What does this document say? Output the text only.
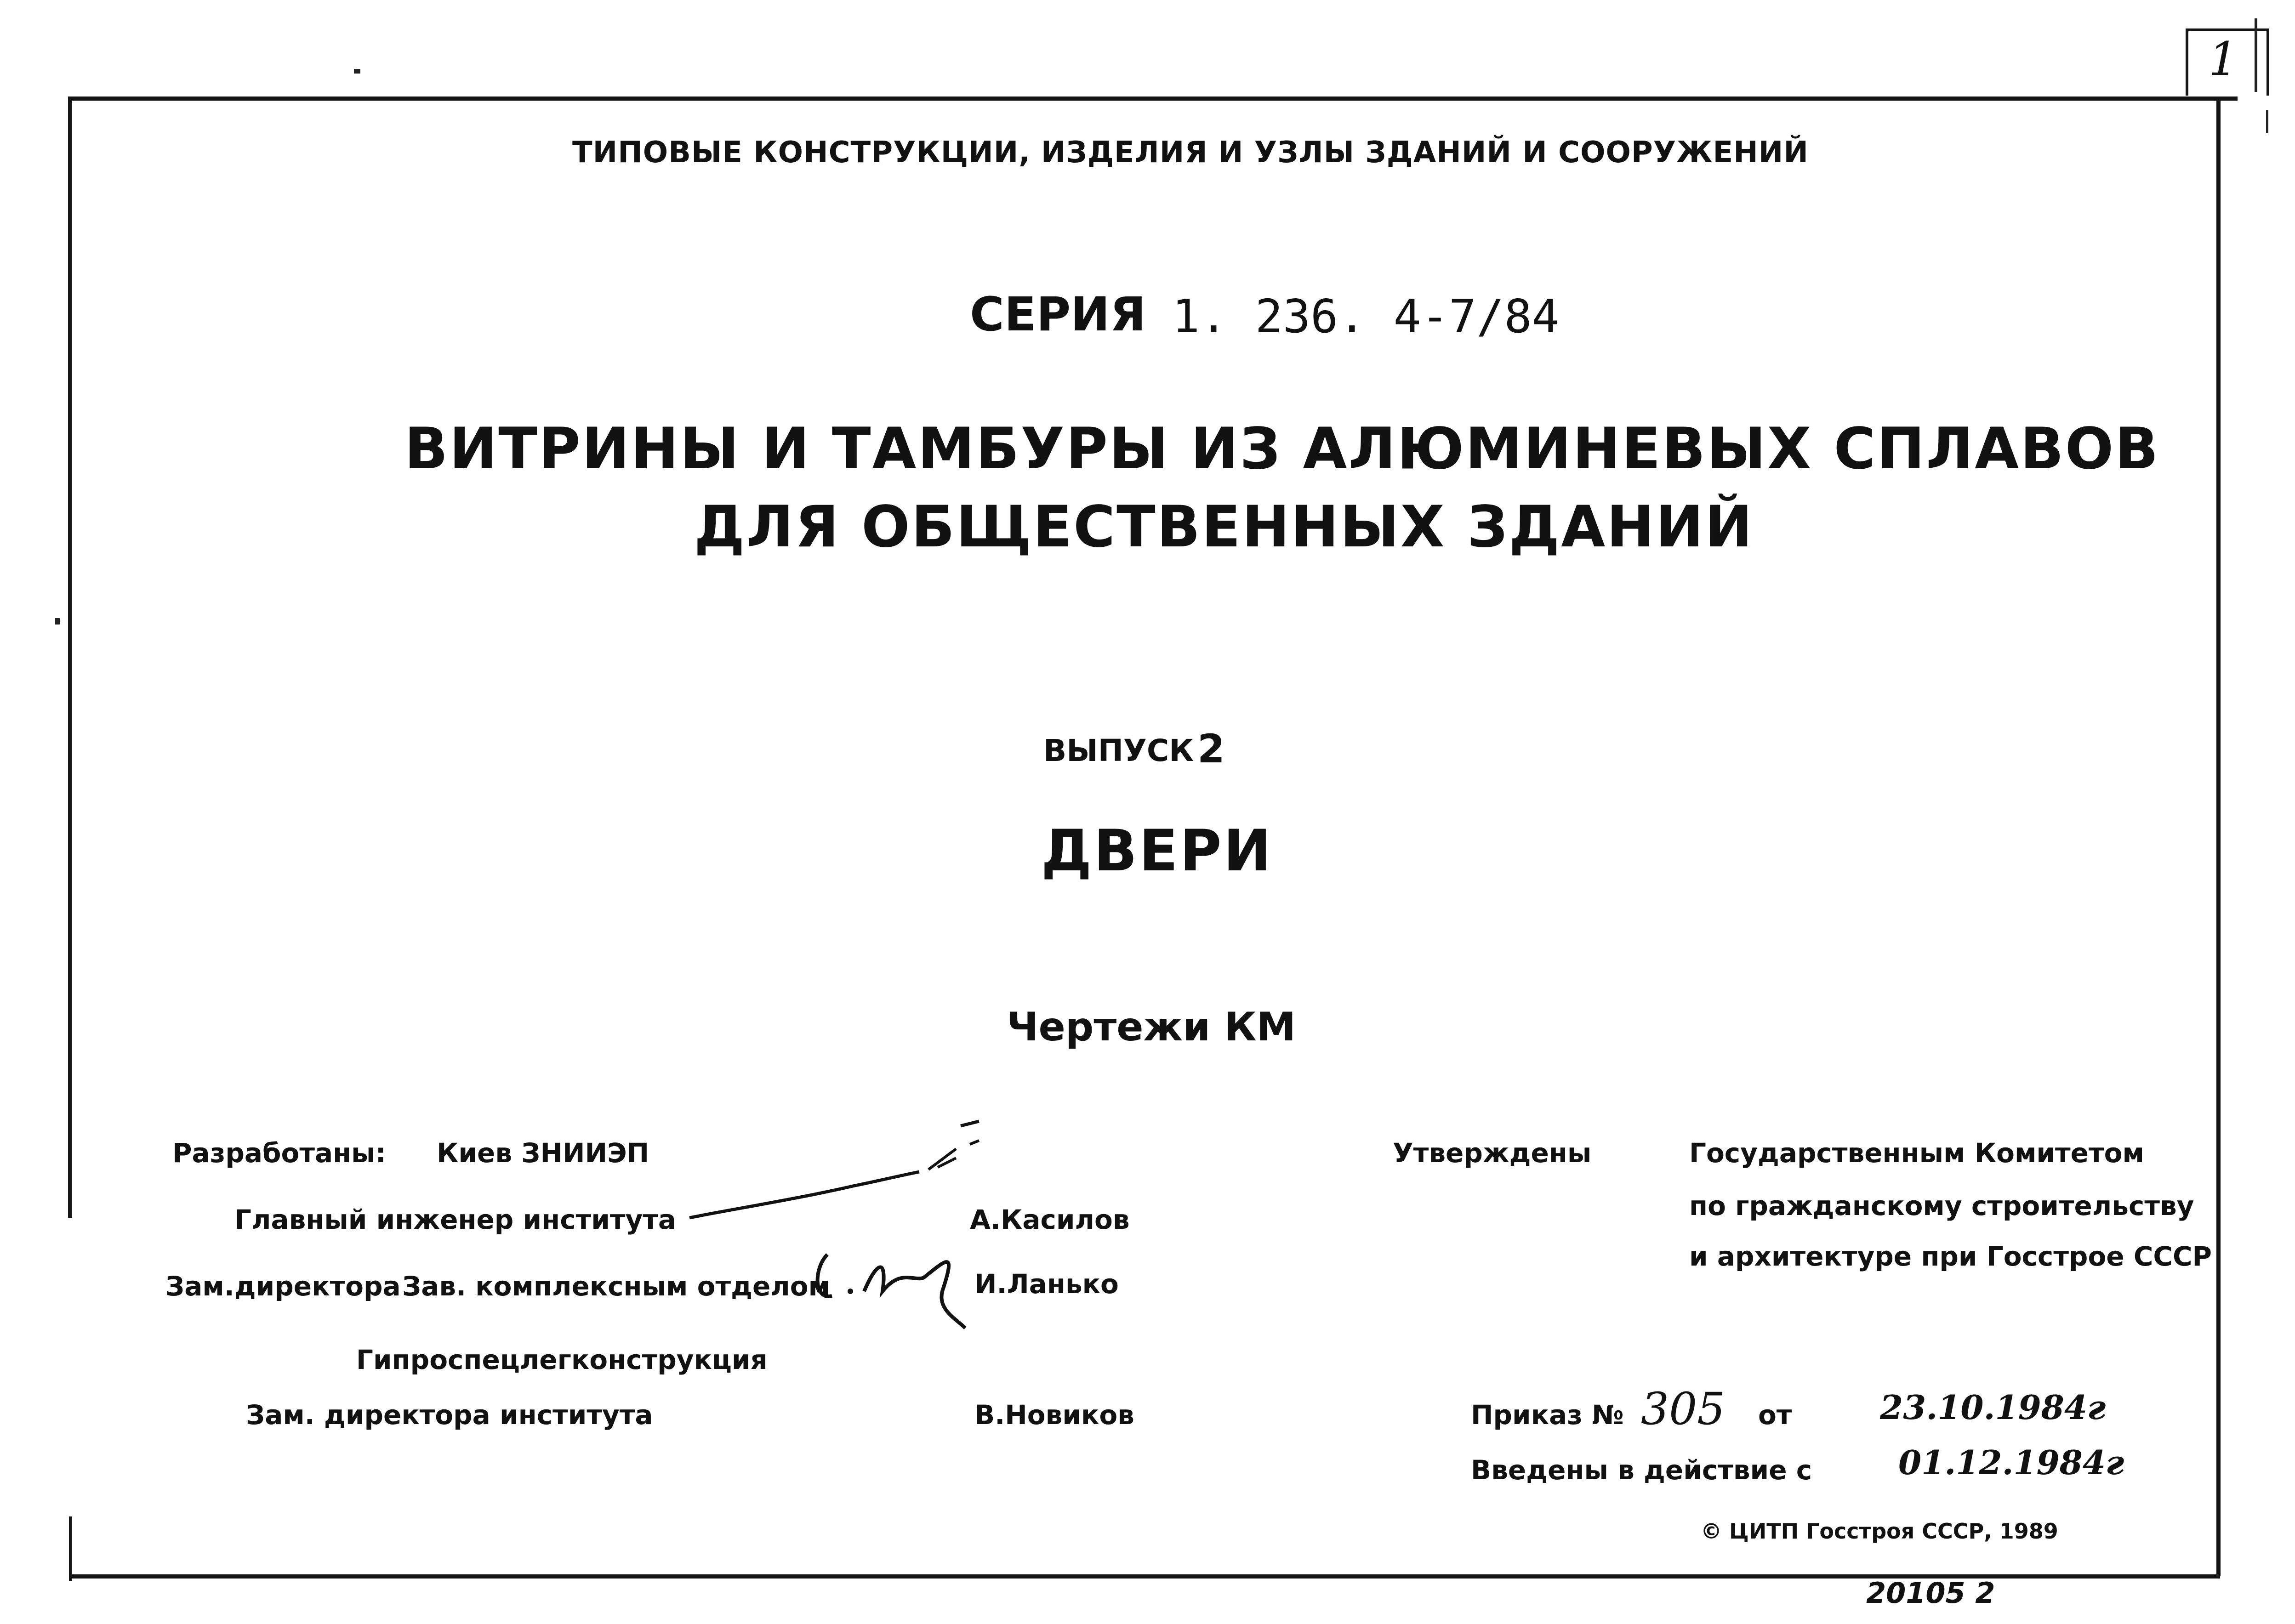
1
ТИПОВЫЕ КОНСТРУКЦИИ, ИЗДЕЛИЯ И УЗЛЫ ЗДАНИЙ И СООРУЖЕНИЙ
СЕРИЯ 1. 236. 4-7/84
ВИТРИНЫ И ТАМБУРЫ ИЗ АЛЮМИНЕВЫХ СПЛАВОВ
ДЛЯ ОБЩЕСТВЕННЫХ ЗДАНИЙ
ВЫПУСК 2
ДВЕРИ
Чертежи КМ
Разработаны: Киев ЗНИИЭП
Главный инженер института	А.Касилов
Зам.директора Зав. комплексным отделом	И.Ланько
Гипроспецлегконструкция
Зам. директора института	В.Новиков
Утверждены	Государственным Комитетом
по гражданскому строительству
и архитектуре при Госстрое СССР
Приказ № 305 от	23.10.1984г
Введены в действие с	01.12.1984г
© ЦИТП Госстроя СССР, 1989
20105 2
